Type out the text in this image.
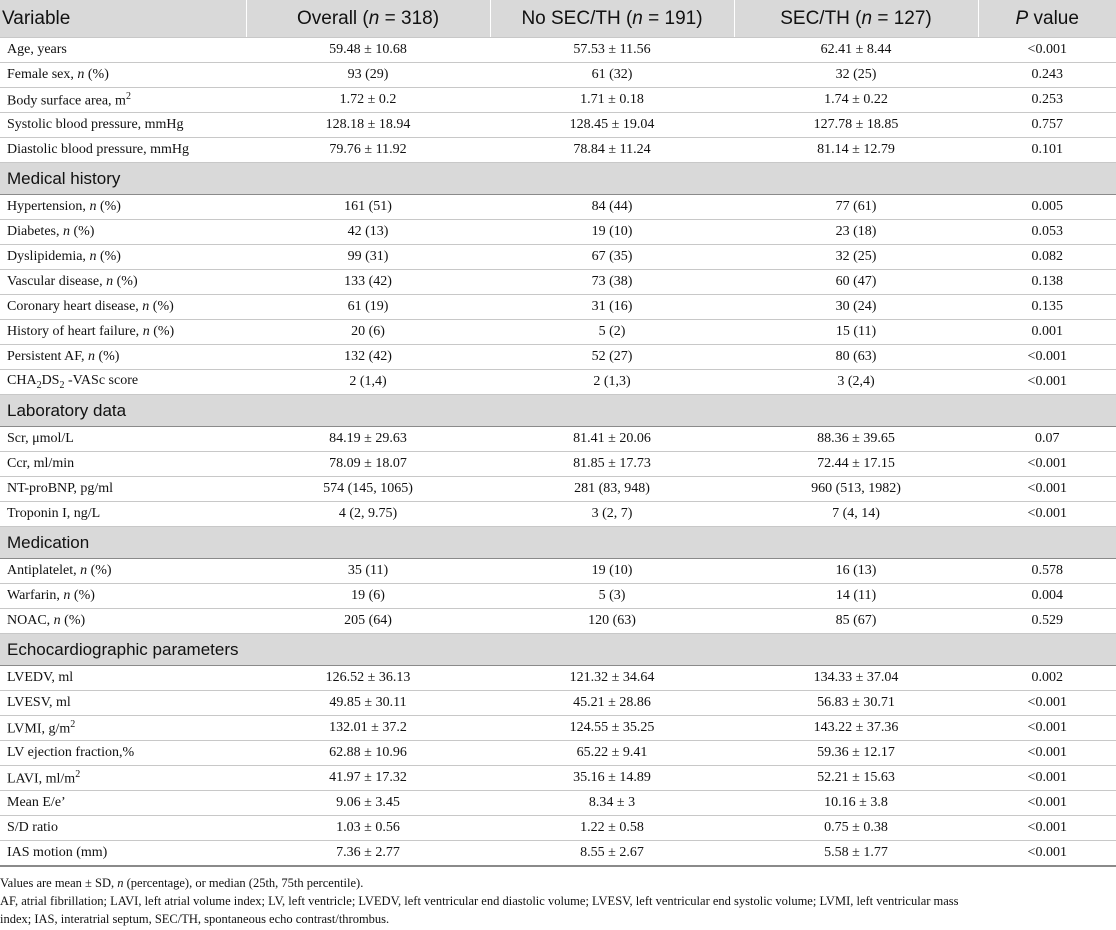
Variable	Overall (n = 318)	No SEC/TH (n = 191)	SEC/TH (n = 127)	P value
Age, years	59.48 ± 10.68	57.53 ± 11.56	62.41 ± 8.44	<0.001
Female sex, n (%)	93 (29)	61 (32)	32 (25)	0.243
Body surface area, $m^2$	1.72 ± 0.2	1.71 ± 0.18	1.74 ± 0.22	0.253
Systolic blood pressure, mmHg	128.18 ± 18.94	128.45 ± 19.04	127.78 ± 18.85	0.757
Diastolic blood pressure, mmHg	79.76 ± 11.92	78.84 ± 11.24	81.14 ± 12.79	0.101
Medical history				
Hypertension, n (%)	161 (51)	84 (44)	77 (61)	0.005
Diabetes, n (%)	42 (13)	19 (10)	23 (18)	0.053
Dyslipidemia, n (%)	99 (31)	67 (35)	32 (25)	0.082
Vascular disease, n (%)	133 (42)	73 (38)	60 (47)	0.138
Coronary heart disease, n (%)	61 (19)	31 (16)	30 (24)	0.135
History of heart failure, n (%)	20 (6)	5 (2)	15 (11)	0.001
Persistent AF, n (%)	132 (42)	52 (27)	80 (63)	<0.001
$CHA_2DS_2$ -VASc score	2 (1,4)	2 (1,3)	3 (2,4)	<0.001
Laboratory data				
Scr, μmol/L	84.19 ± 29.63	81.41 ± 20.06	88.36 ± 39.65	0.07
Ccr, ml/min	78.09 ± 18.07	81.85 ± 17.73	72.44 ± 17.15	<0.001
NT-proBNP, pg/ml	574 (145, 1065)	281 (83, 948)	960 (513, 1982)	<0.001
Troponin I, ng/L	4 (2, 9.75)	3 (2, 7)	7 (4, 14)	<0.001
Medication				
Antiplatelet, n (%)	35 (11)	19 (10)	16 (13)	0.578
Warfarin, n (%)	19 (6)	5 (3)	14 (11)	0.004
NOAC, n (%)	205 (64)	120 (63)	85 (67)	0.529
Echocardiographic parameters				
LVEDV, ml	126.52 ± 36.13	121.32 ± 34.64	134.33 ± 37.04	0.002
LVESV, ml	49.85 ± 30.11	45.21 ± 28.86	56.83 ± 30.71	<0.001
LVMI, $g/m^2$	132.01 ± 37.2	124.55 ± 35.25	143.22 ± 37.36	<0.001
LV ejection fraction,%	62.88 ± 10.96	65.22 ± 9.41	59.36 ± 12.17	<0.001
LAVI, $ml/m^2$	41.97 ± 17.32	35.16 ± 14.89	52.21 ± 15.63	<0.001
Mean E/e’	9.06 ± 3.45	8.34 ± 3	10.16 ± 3.8	<0.001
S/D ratio	1.03 ± 0.56	1.22 ± 0.58	0.75 ± 0.38	<0.001
IAS motion (mm)	7.36 ± 2.77	8.55 ± 2.67	5.58 ± 1.77	<0.001

Values are mean ± SD, n (percentage), or median (25th, 75th percentile).

AF, atrial fibrillation; LAVI, left atrial volume index; LV, left ventricle; LVEDV, left ventricular end diastolic volume; LVESV, left ventricular end systolic volume; LVMI, left ventricular mass

index; IAS, interatrial septum, SEC/TH, spontaneous echo contrast/thrombus.
